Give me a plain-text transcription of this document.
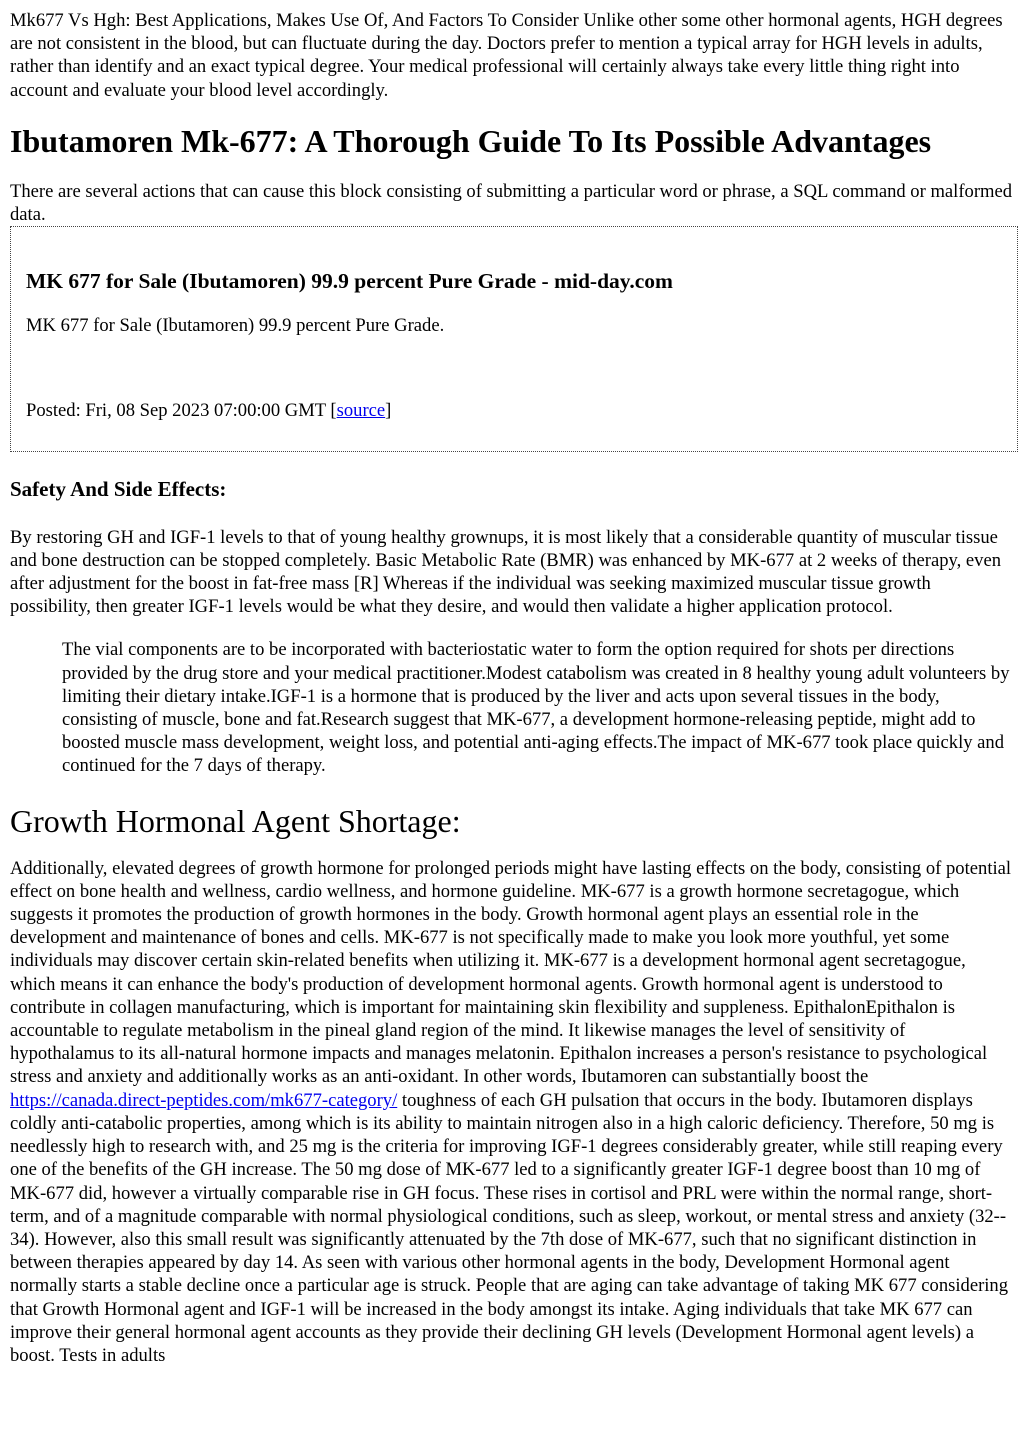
Mk677 Vs Hgh: Best Applications, Makes Use Of, And Factors To Consider Unlike other some other hormonal agents, HGH degrees are not consistent in the blood, but can fluctuate during the day. Doctors prefer to mention a typical array for HGH levels in adults, rather than identify and an exact typical degree. Your medical professional will certainly always take every little thing right into account and evaluate your blood level accordingly.

Ibutamoren Mk-677: A Thorough Guide To Its Possible Advantages

There are several actions that can cause this block consisting of submitting a particular word or phrase, a SQL command or malformed data.

MK 677 for Sale (Ibutamoren) 99.9 percent Pure Grade - mid-day.com

MK 677 for Sale (Ibutamoren) 99.9 percent Pure Grade.

Posted: Fri, 08 Sep 2023 07:00:00 GMT [source]

Safety And Side Effects:

By restoring GH and IGF-1 levels to that of young healthy grownups, it is most likely that a considerable quantity of muscular tissue and bone destruction can be stopped completely. Basic Metabolic Rate (BMR) was enhanced by MK-677 at 2 weeks of therapy, even after adjustment for the boost in fat-free mass [R] Whereas if the individual was seeking maximized muscular tissue growth possibility, then greater IGF-1 levels would be what they desire, and would then validate a higher application protocol.

The vial components are to be incorporated with bacteriostatic water to form the option required for shots per directions provided by the drug store and your medical practitioner.Modest catabolism was created in 8 healthy young adult volunteers by limiting their dietary intake.IGF-1 is a hormone that is produced by the liver and acts upon several tissues in the body, consisting of muscle, bone and fat.Research suggest that MK-677, a development hormone-releasing peptide, might add to boosted muscle mass development, weight loss, and potential anti-aging effects.The impact of MK-677 took place quickly and continued for the 7 days of therapy.
Growth Hormonal Agent Shortage:

Additionally, elevated degrees of growth hormone for prolonged periods might have lasting effects on the body, consisting of potential effect on bone health and wellness, cardio wellness, and hormone guideline. MK-677 is a growth hormone secretagogue, which suggests it promotes the production of growth hormones in the body. Growth hormonal agent plays an essential role in the development and maintenance of bones and cells. MK-677 is not specifically made to make you look more youthful, yet some individuals may discover certain skin-related benefits when utilizing it. MK-677 is a development hormonal agent secretagogue, which means it can enhance the body's production of development hormonal agents. Growth hormonal agent is understood to contribute in collagen manufacturing, which is important for maintaining skin flexibility and suppleness. EpithalonEpithalon is accountable to regulate metabolism in the pineal gland region of the mind. It likewise manages the level of sensitivity of hypothalamus to its all-natural hormone impacts and manages melatonin. Epithalon increases a person's resistance to psychological stress and anxiety and additionally works as an anti-oxidant. In other words, Ibutamoren can substantially boost the https://canada.direct-peptides.com/mk677-category/ toughness of each GH pulsation that occurs in the body. Ibutamoren displays coldly anti-catabolic properties, among which is its ability to maintain nitrogen also in a high caloric deficiency. Therefore, 50 mg is needlessly high to research with, and 25 mg is the criteria for improving IGF-1 degrees considerably greater, while still reaping every one of the benefits of the GH increase. The 50 mg dose of MK-677 led to a significantly greater IGF-1 degree boost than 10 mg of MK-677 did, however a virtually comparable rise in GH focus. These rises in cortisol and PRL were within the normal range, short-term, and of a magnitude comparable with normal physiological conditions, such as sleep, workout, or mental stress and anxiety (32-- 34). However, also this small result was significantly attenuated by the 7th dose of MK-677, such that no significant distinction in between therapies appeared by day 14. As seen with various other hormonal agents in the body, Development Hormonal agent normally starts a stable decline once a particular age is struck. People that are aging can take advantage of taking MK 677 considering that Growth Hormonal agent and IGF-1 will be increased in the body amongst its intake. Aging individuals that take MK 677 can improve their general hormonal agent accounts as they provide their declining GH levels (Development Hormonal agent levels) a boost. Tests in adults
